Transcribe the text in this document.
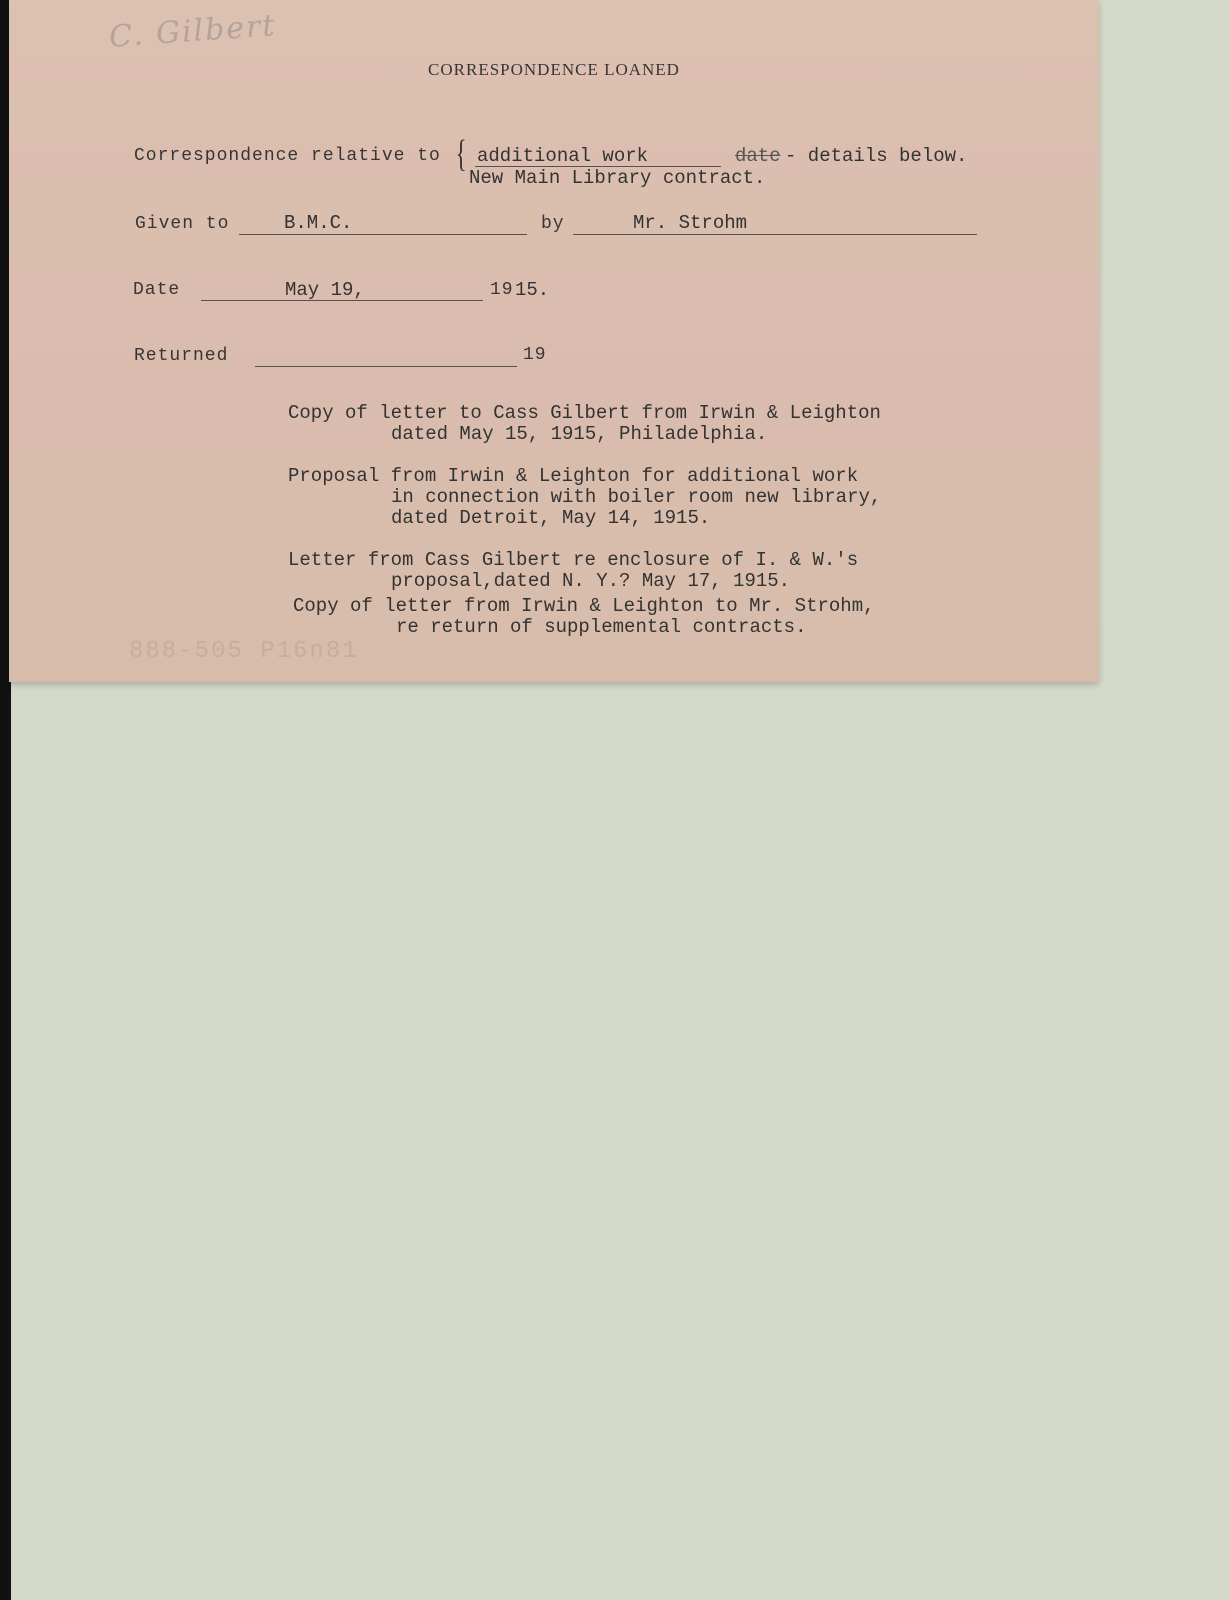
C. Gilbert
CORRESPONDENCE LOANED
Correspondence relative to { additional work	date - details below.
New Main Library contract.
Given to	B.M.C.	by	Mr. Strohm
Date	May 19,	19 15.
Returned	19
Copy of letter to Cass Gilbert from Irwin & Leighton
dated May 15, 1915, Philadelphia.
Proposal from Irwin & Leighton for additional work
in connection with boiler room new library,
dated Detroit, May 14, 1915.
Letter from Cass Gilbert re enclosure of I. & W.'s
proposal,dated N. Y.? May 17, 1915.
Copy of letter from Irwin & Leighton to Mr. Strohm,
re return of supplemental contracts.
888-505 P16n81
